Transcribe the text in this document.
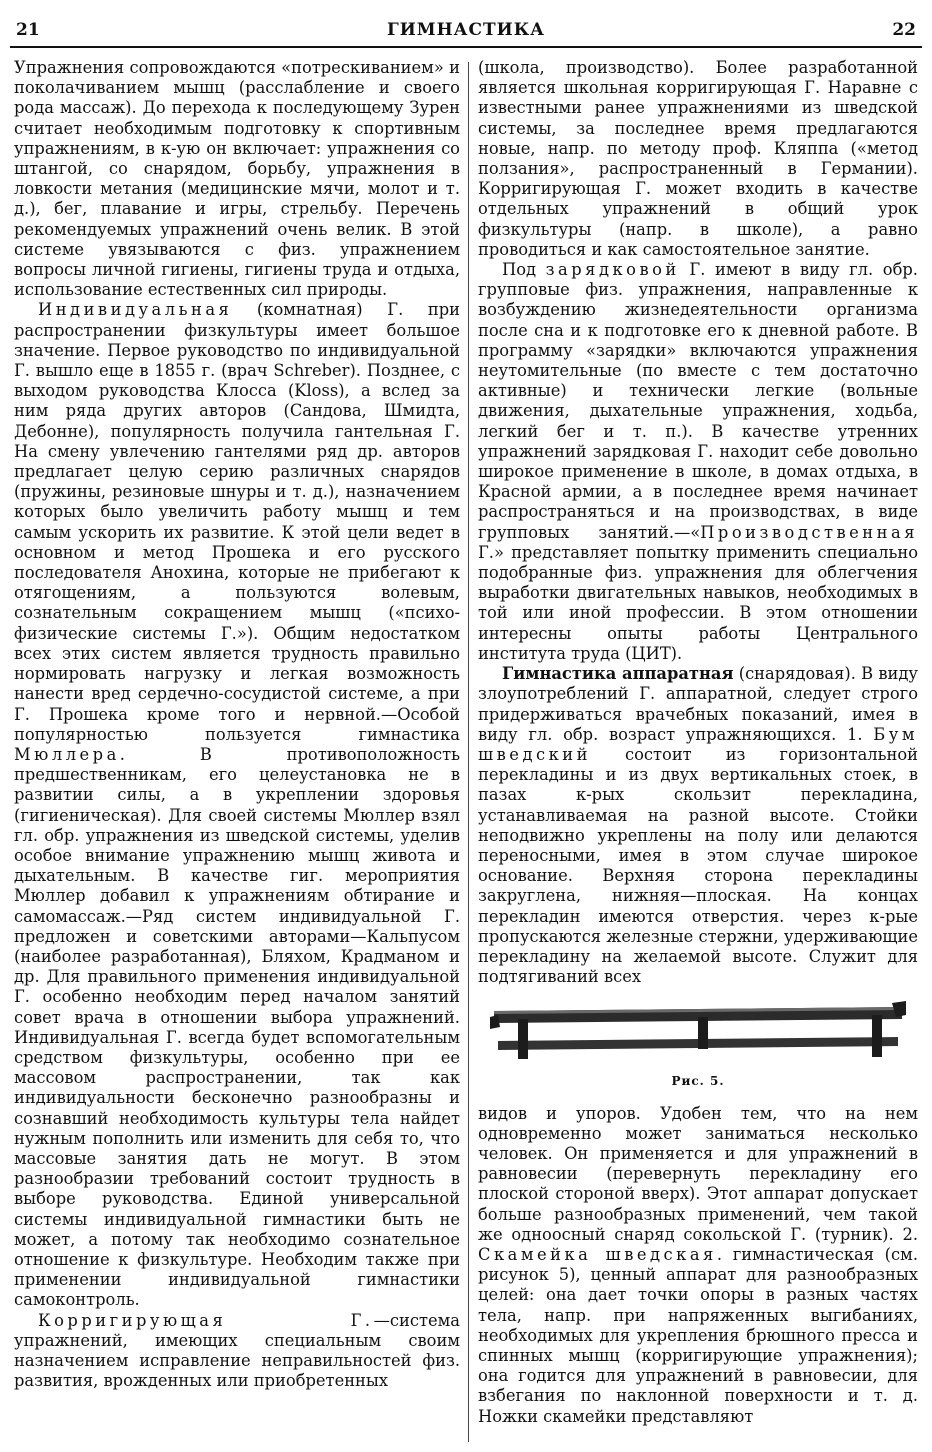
21	ГИМНАСТИКА	22

Упражнения сопровождаются «потрескиванием» и поколачиванием мышц (расслабление и своего рода массаж). До перехода к последующему Зурен считает необходимым подготовку к спортивным упражнениям, в к-ую он включает: упражнения со штангой, со снарядом, борьбу, упражнения в ловкости метания (медицинские мячи, молот и т. д.), бег, плавание и игры, стрельбу. Перечень рекомендуемых упражнений очень велик. В этой системе увязываются с физ. упражнением вопросы личной гигиены, гигиены труда и отдыха, использование естественных сил природы.

Индивидуальная (комнатная) Г. при распространении физкультуры имеет большое значение. Первое руководство по индивидуальной Г. вышло еще в 1855 г. (врач Schreber). Позднее, с выходом руководства Клосса (Kloss), а вслед за ним ряда других авторов (Сандова, Шмидта, Дебонне), популярность получила гантельная Г. На смену увлечению гантелями ряд др. авторов предлагает целую серию различных снарядов (пружины, резиновые шнуры и т. д.), назначением которых было увеличить работу мышц и тем самым ускорить их развитие. К этой цели ведет в основном и метод Прошека и его русского последователя Анохина, которые не прибегают к отягощениям, а пользуются волевым, сознательным сокращением мышц («психо-физические системы Г.»). Общим недостатком всех этих систем является трудность правильно нормировать нагрузку и легкая возможность нанести вред сердечно-сосудистой системе, а при Г. Прошека кроме того и нервной.—Особой популярностью пользуется гимнастика Мюллера. В противоположность предшественникам, его целеустановка не в развитии силы, а в укреплении здоровья (гигиеническая). Для своей системы Мюллер взял гл. обр. упражнения из шведской системы, уделив особое внимание упражнению мышц живота и дыхательным. В качестве гиг. мероприятия Мюллер добавил к упражнениям обтирание и самомассаж.—Ряд систем индивидуальной Г. предложен и советскими авторами—Кальпусом (наиболее разработанная), Бляхом, Крадманом и др. Для правильного применения индивидуальной Г. особенно необходим перед началом занятий совет врача в отношении выбора упражнений. Индивидуальная Г. всегда будет вспомогательным средством физкультуры, особенно при ее массовом распространении, так как индивидуальности бесконечно разнообразны и сознавший необходимость культуры тела найдет нужным пополнить или изменить для себя то, что массовые занятия дать не могут. В этом разнообразии требований состоит трудность в выборе руководства. Единой универсальной системы индивидуальной гимнастики быть не может, а потому так необходимо сознательное отношение к физкультуре. Необходим также при применении индивидуальной гимнастики самоконтроль.

Корригирующая Г.—система упражнений, имеющих специальным своим назначением исправление неправильностей физ. развития, врожденных или приобретенных

(школа, производство). Более разработанной является школьная корригирующая Г. Наравне с известными ранее упражнениями из шведской системы, за последнее время предлагаются новые, напр. по методу проф. Кляппа («метод ползания», распространенный в Германии). Корригирующая Г. может входить в качестве отдельных упражнений в общий урок физкультуры (напр. в школе), а равно проводиться и как самостоятельное занятие.

Под зарядковой Г. имеют в виду гл. обр. групповые физ. упражнения, направленные к возбуждению жизнедеятельности организма после сна и к подготовке его к дневной работе. В программу «зарядки» включаются упражнения неутомительные (по вместе с тем достаточно активные) и технически легкие (вольные движения, дыхательные упражнения, ходьба, легкий бег и т. п.). В качестве утренних упражнений зарядковая Г. находит себе довольно широкое применение в школе, в домах отдыха, в Красной армии, а в последнее время начинает распространяться и на производствах, в виде групповых занятий.—«Производственная Г.» представляет попытку применить специально подобранные физ. упражнения для облегчения выработки двигательных навыков, необходимых в той или иной профессии. В этом отношении интересны опыты работы Центрального института труда (ЦИТ).

Гимнастика аппаратная (снарядовая). В виду злоупотреблений Г. аппаратной, следует строго придерживаться врачебных показаний, имея в виду гл. обр. возраст упражняющихся. 1. Бум шведский состоит из горизонтальной перекладины и из двух вертикальных стоек, в пазах к-рых скользит перекладина, устанавливаемая на разной высоте. Стойки неподвижно укреплены на полу или делаются переносными, имея в этом случае широкое основание. Верхняя сторона перекладины закруглена, нижняя—плоская. На концах перекладин имеются отверстия. через к-рые пропускаются железные стержни, удерживающие перекладину на желаемой высоте. Служит для подтягиваний всех

Рис. 5.

видов и упоров. Удобен тем, что на нем одновременно может заниматься несколько человек. Он применяется и для упражнений в равновесии (перевернуть перекладину его плоской стороной вверх). Этот аппарат допускает больше разнообразных применений, чем такой же одноосный снаряд сокольской Г. (турник). 2. Скамейка шведская. гимнастическая (см. рисунок 5), ценный аппарат для разнообразных целей: она дает точки опоры в разных частях тела, напр. при напряженных выгибаниях, необходимых для укрепления брюшного пресса и спинных мышц (корригирующие упражнения); она годится для упражнений в равновесии, для взбегания по наклонной поверхности и т. д. Ножки скамейки представляют
